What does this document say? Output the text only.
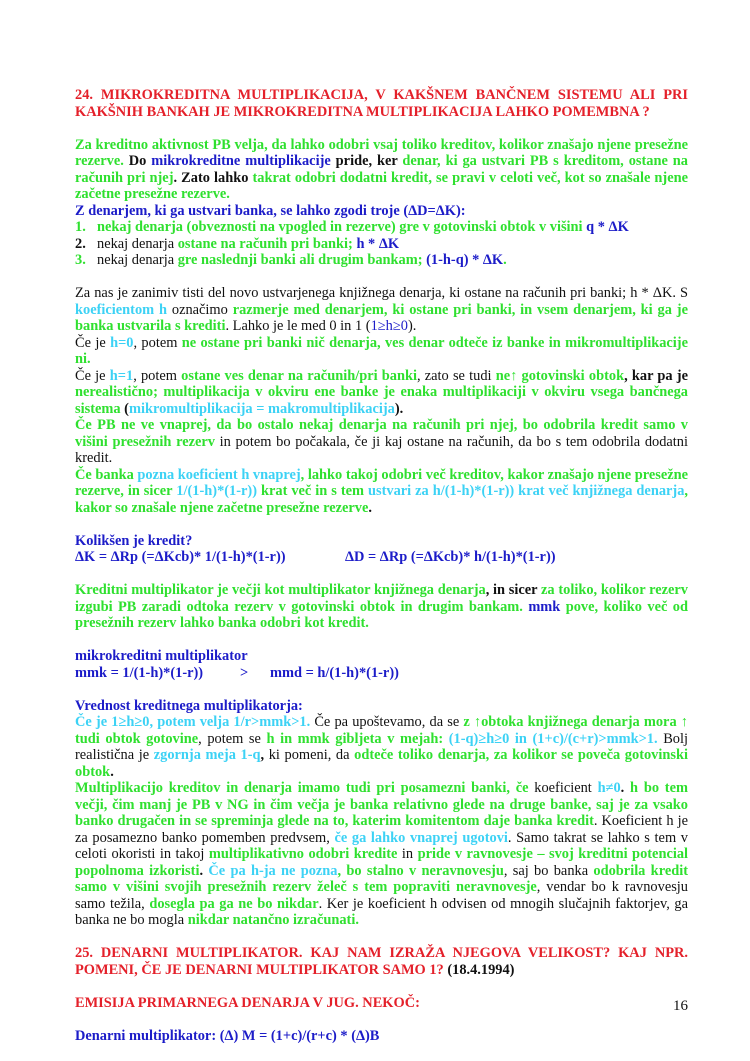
24. MIKROKREDITNA MULTIPLIKACIJA, V KAKŠNEM BANČNEM SISTEMU ALI PRI KAKŠNIH BANKAH JE MIKROKREDITNA MULTIPLIKACIJA LAHKO POMEMBNA ?
Za kreditno aktivnost PB velja, da lahko odobri vsaj toliko kreditov, kolikor znašajo njene presežne rezerve. Do mikrokreditne multiplikacije pride, ker denar, ki ga ustvari PB s kreditom, ostane na računih pri njej. Zato lahko takrat odobri dodatni kredit, se pravi v celoti več, kot so znašale njene začetne presežne rezerve.
Z denarjem, ki ga ustvari banka, se lahko zgodi troje (ΔD=ΔK):
1. nekaj denarja (obveznosti na vpogled in rezerve) gre v gotovinski obtok v višini q * ΔK
2. nekaj denarja ostane na računih pri banki; h * ΔK
3. nekaj denarja gre naslednji banki ali drugim bankam; (1-h-q) * ΔK.
Za nas je zanimiv tisti del novo ustvarjenega knjižnega denarja, ki ostane na računih pri banki; h * ΔK. S koeficientom h označimo razmerje med denarjem, ki ostane pri banki, in vsem denarjem, ki ga je banka ustvarila s krediti. Lahko je le med 0 in 1 (1≥h≥0).
Če je h=0, potem ne ostane pri banki nič denarja, ves denar odteče iz banke in mikromultiplikacije ni.
Če je h=1, potem ostane ves denar na računih/pri banki, zato se tudi ne↑ gotovinski obtok, kar pa je nerealistično; multiplikacija v okviru ene banke je enaka multiplikaciji v okviru vsega bančnega sistema (mikromultiplikacija = makromultiplikacija).
Če PB ne ve vnaprej, da bo ostalo nekaj denarja na računih pri njej, bo odobrila kredit samo v višini presežnih rezerv in potem bo počakala, če ji kaj ostane na računih, da bo s tem odobrila dodatni kredit.
Če banka pozna koeficient h vnaprej, lahko takoj odobri več kreditov, kakor znašajo njene presežne rezerve, in sicer 1/(1-h)*(1-r)) krat več in s tem ustvari za h/(1-h)*(1-r)) krat več knjižnega denarja, kakor so znašale njene začetne presežne rezerve.
Kolikšen je kredit?
ΔK = ΔRp (=ΔKcb)* 1/(1-h)*(1-r))	ΔD = ΔRp (=ΔKcb)* h/(1-h)*(1-r))
Kreditni multiplikator je večji kot multiplikator knjižnega denarja, in sicer za toliko, kolikor rezerv izgubi PB zaradi odtoka rezerv v gotovinski obtok in drugim bankam. mmk pove, koliko več od presežnih rezerv lahko banka odobri kot kredit.
mikrokreditni multiplikator
mmk = 1/(1-h)*(1-r))	> mmd = h/(1-h)*(1-r))
Vrednost kreditnega multiplikatorja:
Če je 1≥h≥0, potem velja 1/r>mmk>1. Če pa upoštevamo, da se z ↑obtoka knjižnega denarja mora ↑ tudi obtok gotovine, potem se h in mmk gibljeta v mejah: (1-q)≥h≥0 in (1+c)/(c+r)>mmk>1. Bolj realistična je zgornja meja 1-q, ki pomeni, da odteče toliko denarja, za kolikor se poveča gotovinski obtok.
Multiplikacijo kreditov in denarja imamo tudi pri posamezni banki, če koeficient h≠0. h bo tem večji, čim manj je PB v NG in čim večja je banka relativno glede na druge banke, saj je za vsako banko drugačen in se spreminja glede na to, katerim komitentom daje banka kredit. Koeficient h je za posamezno banko pomemben predvsem, če ga lahko vnaprej ugotovi. Samo takrat se lahko s tem v celoti okoristi in takoj multiplikativno odobri kredite in pride v ravnovesje – svoj kreditni potencial popolnoma izkoristi. Če pa h-ja ne pozna, bo stalno v neravnovesju, saj bo banka odobrila kredit samo v višini svojih presežnih rezerv želeč s tem popraviti neravnovesje, vendar bo k ravnovesju samo težila, dosegla pa ga ne bo nikdar. Ker je koeficient h odvisen od mnogih slučajnih faktorjev, ga banka ne bo mogla nikdar natančno izračunati.
25. DENARNI MULTIPLIKATOR. KAJ NAM IZRAŽA NJEGOVA VELIKOST? KAJ NPR. POMENI, ČE JE DENARNI MULTIPLIKATOR SAMO 1? (18.4.1994)
EMISIJA PRIMARNEGA DENARJA V JUG. NEKOČ:
Denarni multiplikator: (Δ) M = (1+c)/(r+c) * (Δ)B
16
